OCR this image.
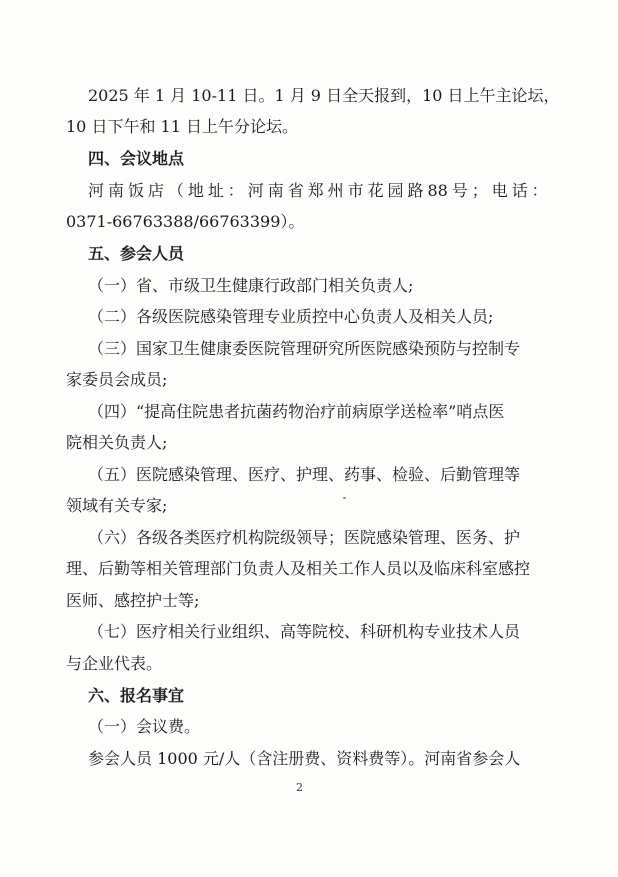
2025 年 1 月 10-11 日。1 月 9 日全天报到，10 日上午主论坛，
10 日下午和 11 日上午分论坛。
四、会议地点
河 南 饭 店 （ 地 址 ： 河 南 省 郑 州 市 花 园 路 88 号 ； 电 话 ：
0371-66763388/66763399）。
五、参会人员
（一）省、市级卫生健康行政部门相关负责人;
（二）各级医院感染管理专业质控中心负责人及相关人员;
（三）国家卫生健康委医院管理研究所医院感染预防与控制专
家委员会成员;
（四）“提高住院患者抗菌药物治疗前病原学送检率”哨点医
院相关负责人;
（五）医院感染管理、医疗、护理、药事、检验、后勤管理等
领域有关专家;
（六）各级各类医疗机构院级领导；医院感染管理、医务、护
理、后勤等相关管理部门负责人及相关工作人员以及临床科室感控
医师、感控护士等;
（七）医疗相关行业组织、高等院校、科研机构专业技术人员
与企业代表。
六、报名事宜
（一）会议费。
参会人员 1000 元/人（含注册费、资料费等）。河南省参会人
2
